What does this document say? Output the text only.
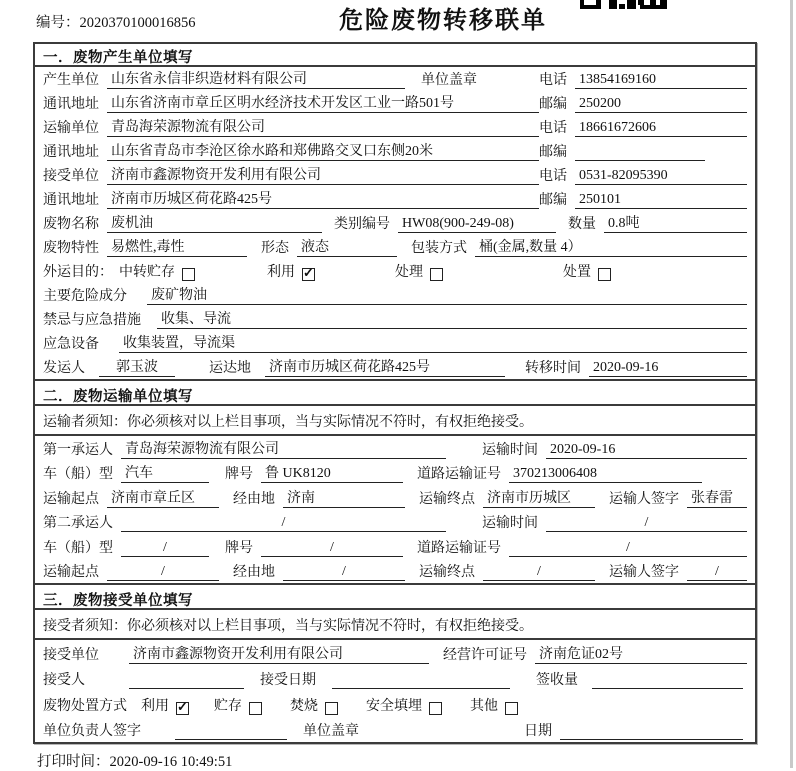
编号：2020370100016856	危险废物转移联单
一．废物产生单位填写
产生单位 山东省永信非织造材料有限公司	单位盖章	电话 13854169160
通讯地址 山东省济南市章丘区明水经济技术开发区工业一路501号	邮编 250200
运输单位 青岛海荣源物流有限公司	电话 18661672606
通讯地址 山东省青岛市李沧区徐水路和郑佛路交叉口东侧20米	邮编
接受单位 济南市鑫源物资开发利用有限公司	电话 0531-82095390
通讯地址 济南市历城区荷花路425号	邮编 250101
废物名称 废机油	类别编号 HW08(900-249-08)	数量 0.8吨
废物特性 易燃性,毒性	形态 液态	包装方式 桶(金属,数量 4）
外运目的： 中转贮存	利用 ✓	处理	处置
主要危险成分 废矿物油
禁忌与应急措施 收集、导流
应急设备 收集装置，导流渠
发运人	郭玉波	运达地 济南市历城区荷花路425号	转移时间 2020-09-16
二．废物运输单位填写
运输者须知：你必须核对以上栏目事项，当与实际情况不符时，有权拒绝接受。
第一承运人 青岛海荣源物流有限公司	运输时间 2020-09-16
车（船）型 汽车	牌号 鲁 UK8120	道路运输证号 370213006408
运输起点 济南市章丘区	经由地 济南	运输终点 济南市历城区	运输人签字 张春雷
第二承运人	/	运输时间	/
车（船）型	/	牌号	/	道路运输证号	/
运输起点	/	经由地	/	运输终点	/	运输人签字	/
三．废物接受单位填写
接受者须知：你必须核对以上栏目事项，当与实际情况不符时，有权拒绝接受。
接受单位 济南市鑫源物资开发利用有限公司	经营许可证号 济南危证02号
接受人	接受日期	签收量
废物处置方式 利用 ✓	贮存	焚烧	安全填埋	其他
单位负责人签字	单位盖章	日期
打印时间：2020-09-16 10:49:51
